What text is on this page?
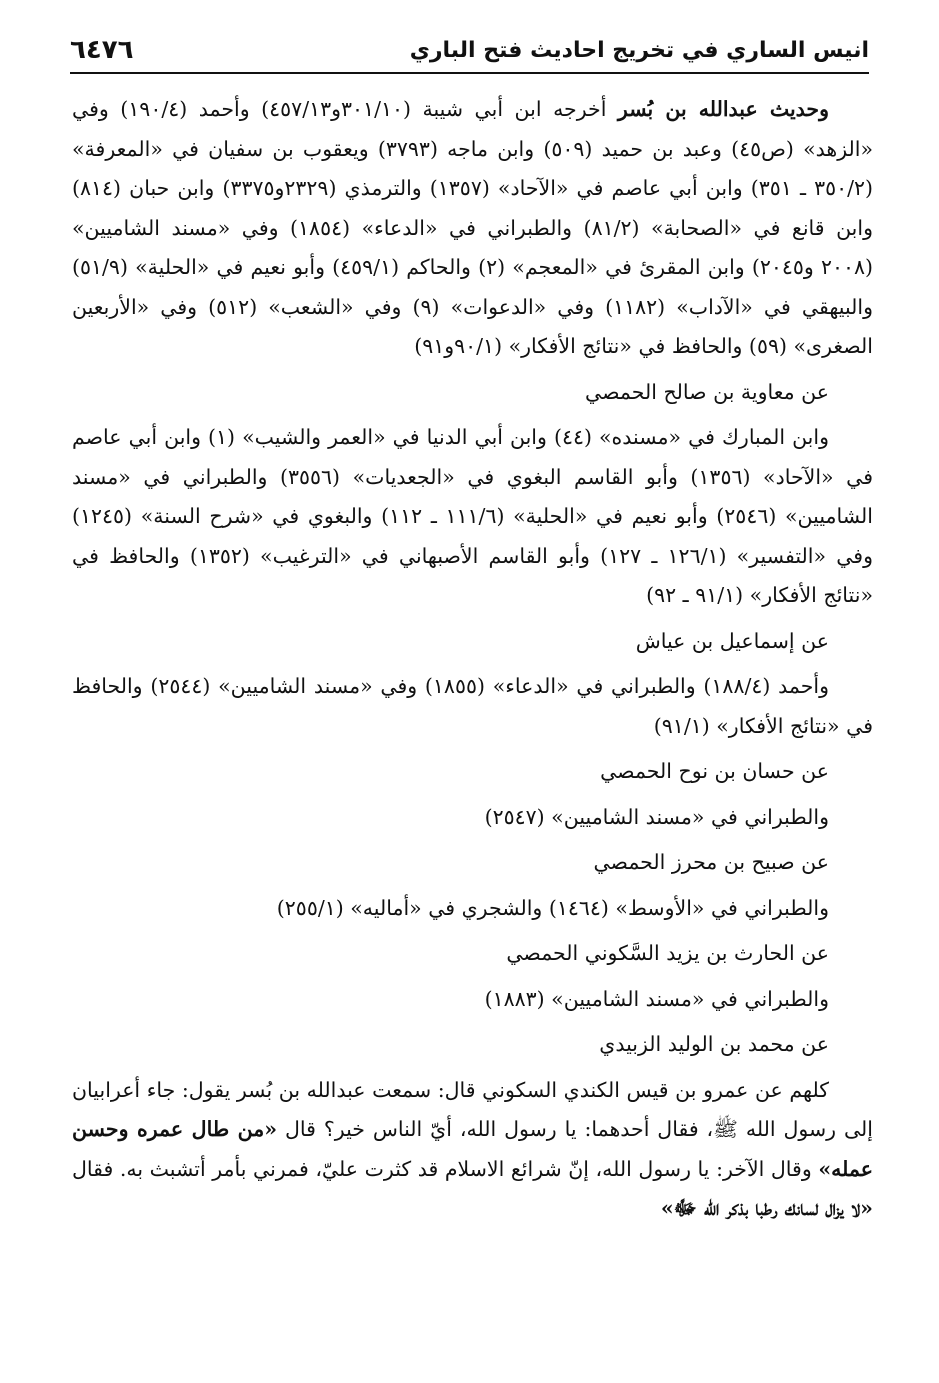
انيس الساري في تخريج احاديث فتح الباري
٦٤٧٦

وحديث عبدالله بن بُسر أخرجه ابن أبي شيبة (٣٠١/١٠و٤٥٧/١٣) وأحمد (١٩٠/٤) وفي «الزهد» (ص٤٥) وعبد بن حميد (٥٠٩) وابن ماجه (٣٧٩٣) ويعقوب بن سفيان في «المعرفة» (٣٥٠/٢ ـ ٣٥١) وابن أبي عاصم في «الآحاد» (١٣٥٧) والترمذي (٢٣٢٩و٣٣٧٥) وابن حبان (٨١٤) وابن قانع في «الصحابة» (٨١/٢) والطبراني في «الدعاء» (١٨٥٤) وفي «مسند الشاميين» (٢٠٠٨ و٢٠٤٥) وابن المقرئ في «المعجم» (٢) والحاكم (٤٥٩/١) وأبو نعيم في «الحلية» (٥١/٩) والبيهقي في «الآداب» (١١٨٢) وفي «الدعوات» (٩) وفي «الشعب» (٥١٢) وفي «الأربعين الصغرى» (٥٩) والحافظ في «نتائج الأفكار» (٩٠/١و٩١)

عن معاوية بن صالح الحمصي

وابن المبارك في «مسنده» (٤٤) وابن أبي الدنيا في «العمر والشيب» (١) وابن أبي عاصم في «الآحاد» (١٣٥٦) وأبو القاسم البغوي في «الجعديات» (٣٥٥٦) والطبراني في «مسند الشاميين» (٢٥٤٦) وأبو نعيم في «الحلية» (١١١/٦ ـ ١١٢) والبغوي في «شرح السنة» (١٢٤٥) وفي «التفسير» (١٢٦/١ ـ ١٢٧) وأبو القاسم الأصبهاني في «الترغيب» (١٣٥٢) والحافظ في «نتائج الأفكار» (٩١/١ ـ ٩٢)

عن إسماعيل بن عياش

وأحمد (١٨٨/٤) والطبراني في «الدعاء» (١٨٥٥) وفي «مسند الشاميين» (٢٥٤٤) والحافظ في «نتائج الأفكار» (٩١/١)

عن حسان بن نوح الحمصي

والطبراني في «مسند الشاميين» (٢٥٤٧)

عن صبيح بن محرز الحمصي

والطبراني في «الأوسط» (١٤٦٤) والشجري في «أماليه» (٢٥٥/١)

عن الحارث بن يزيد السَّكوني الحمصي

والطبراني في «مسند الشاميين» (١٨٨٣)

عن محمد بن الوليد الزبيدي

كلهم عن عمرو بن قيس الكندي السكوني قال: سمعت عبدالله بن بُسر يقول: جاء أعرابيان إلى رسول الله ﷺ، فقال أحدهما: يا رسول الله، أيّ الناس خير؟ قال «من طال عمره وحسن عمله» وقال الآخر: يا رسول الله، إنّ شرائع الاسلام قد كثرت عليّ، فمرني بأمر أتشبث به. فقال «لا يزال لسانك رطبا بذكر الله ﷻ»
